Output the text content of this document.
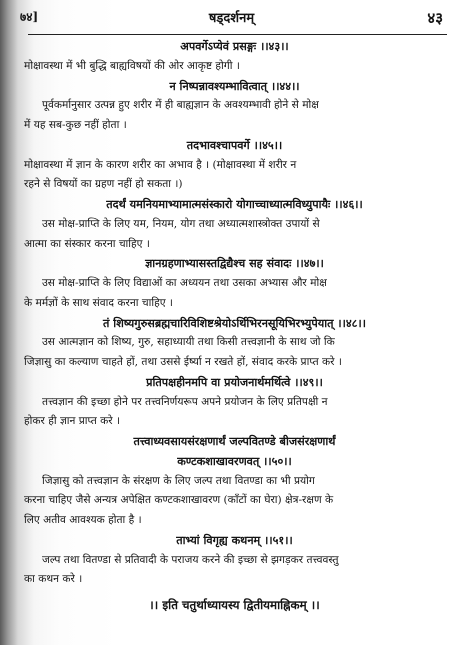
७४]	षड्दर्शनम्	४३
अपवर्गेऽप्येवं प्रसङ्गः ।।४३।।
मोक्षावस्था में भी बुद्धि बाह्यविषयों की ओर आकृष्ट होगी ।
न निष्पन्नावश्यम्भावित्वात् ।।४४।।
पूर्वकर्मानुसार उत्पन्न हुए शरीर में ही बाह्यज्ञान के अवश्यम्भावी होने से मोक्ष
में यह सब-कुछ नहीं होता ।
तदभावश्चापवर्गे ।।४५।।
मोक्षावस्था में ज्ञान के कारण शरीर का अभाव है । (मोक्षावस्था में शरीर न
रहने से विषयों का ग्रहण नहीं हो सकता ।)
तदर्थं यमनियमाभ्यामात्मसंस्कारो योगाच्चाध्यात्मविध्युपायैः ।।४६।।
उस मोक्ष-प्राप्ति के लिए यम, नियम, योग तथा अध्यात्मशास्त्रोक्त उपायों से
आत्मा का संस्कार करना चाहिए ।
ज्ञानग्रहणाभ्यासस्तद्विद्यैश्च सह संवादः ।।४७।।
उस मोक्ष-प्राप्ति के लिए विद्याओं का अध्ययन तथा उसका अभ्यास और मोक्ष
के मर्मज्ञों के साथ संवाद करना चाहिए ।
तं शिष्यगुरुसब्रह्मचारिविशिष्टश्रेयोऽर्थिभिरनसूयिभिरभ्युपेयात् ।।४८।।
उस आत्मज्ञान को शिष्य, गुरु, सहाध्यायी तथा किसी तत्त्वज्ञानी के साथ जो कि
जिज्ञासु का कल्याण चाहते हों, तथा उससे ईर्ष्या न रखते हों, संवाद करके प्राप्त करे ।
प्रतिपक्षहीनमपि वा प्रयोजनार्थमर्थित्वे ।।४९।।
तत्त्वज्ञान की इच्छा होने पर तत्त्वनिर्णयरूप अपने प्रयोजन के लिए प्रतिपक्षी न
होकर ही ज्ञान प्राप्त करे ।
तत्त्वाध्यवसायसंरक्षणार्थं जल्पवितण्डे बीजसंरक्षणार्थं
कण्टकशाखावरणवत् ।।५०।।
जिज्ञासु को तत्त्वज्ञान के संरक्षण के लिए जल्प तथा वितण्डा का भी प्रयोग
करना चाहिए जैसे अन्यत्र अपेक्षित कण्टकशाखावरण (काँटों का घेरा) क्षेत्र-रक्षण के
लिए अतीव आवश्यक होता है ।
ताभ्यां विगृह्य कथनम् ।।५१।।
जल्प तथा वितण्डा से प्रतिवादी के पराजय करने की इच्छा से झगड़कर तत्त्ववस्तु
का कथन करे ।
।। इति चतुर्थाध्यायस्य द्वितीयमाह्निकम् ।।
